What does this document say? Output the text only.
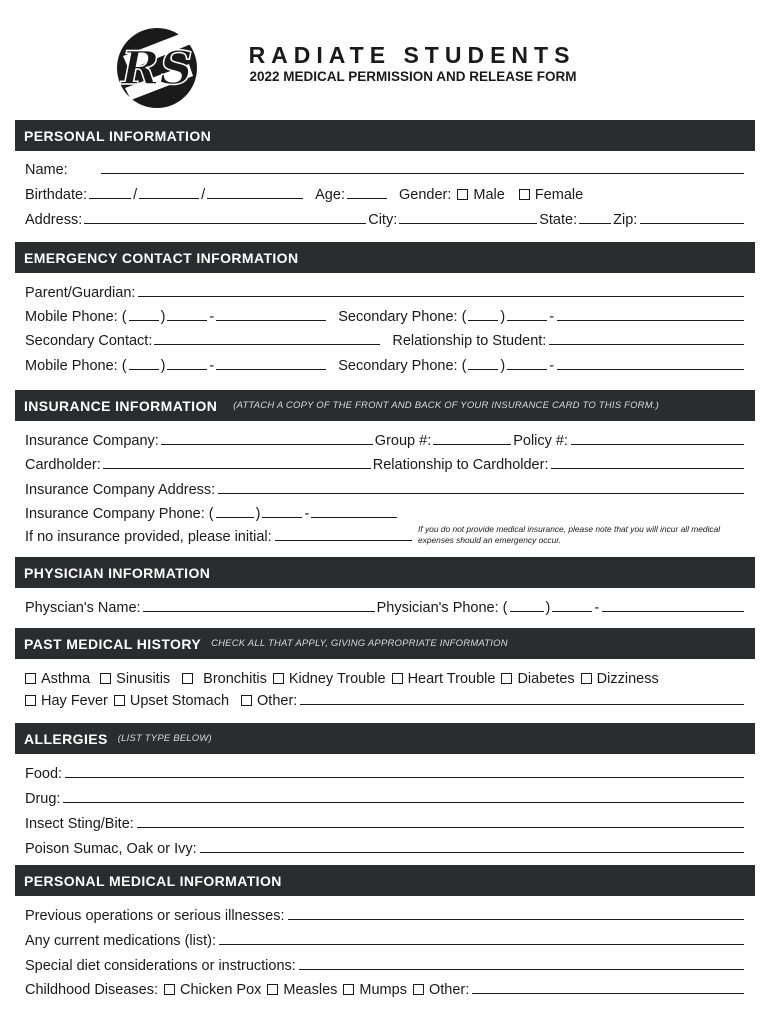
RS	RADIATE STUDENTS
2022 MEDICAL PERMISSION AND RELEASE FORM
PERSONAL INFORMATION
Name:
Birthdate:	/	/	Age:	Gender: Male Female
Address:	City:	State: Zip:
EMERGENCY CONTACT INFORMATION
Parent/Guardian:
Mobile Phone: ( )	-	Secondary Phone: ( )	-
Secondary Contact:	Relationship to Student:
Mobile Phone: ( )	-	Secondary Phone: ( )	-
INSURANCE INFORMATION (ATTACH A COPY OF THE FRONT AND BACK OF YOUR INSURANCE CARD TO THIS FORM.)
Insurance Company:	Group #:	Policy #:
Cardholder:	Relationship to Cardholder:
Insurance Company Address:
Insurance Company Phone: (	)	-
If no insurance provided, please initial:	If you do not provide medical insurance, please note that you will incur all medical expenses should an emergency occur.
PHYSICIAN INFORMATION
Physcian's Name:	Physician's Phone: (	)	-
PAST MEDICAL HISTORY CHECK ALL THAT APPLY, GIVING APPROPRIATE INFORMATION
Asthma Sinusitis Bronchitis Kidney Trouble Heart Trouble Diabetes Dizziness
Hay Fever Upset Stomach Other:
ALLERGIES (LIST TYPE BELOW)
Food:
Drug:
Insect Sting/Bite:
Poison Sumac, Oak or Ivy:
PERSONAL MEDICAL INFORMATION
Previous operations or serious illnesses:
Any current medications (list):
Special diet considerations or instructions:
Childhood Diseases: Chicken Pox Measles Mumps Other:
